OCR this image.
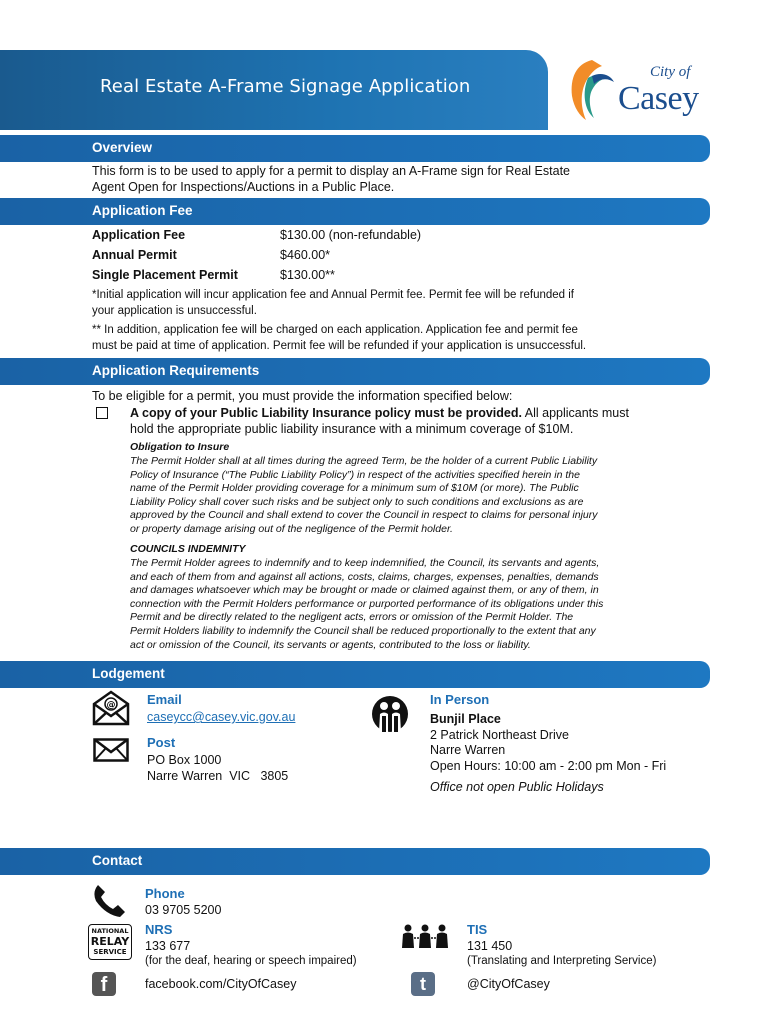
Real Estate A-Frame Signage Application
City of
Casey
Overview
This form is to be used to apply for a permit to display an A-Frame sign for Real Estate
Agent Open for Inspections/Auctions in a Public Place.
Application Fee
Application Fee	$130.00 (non-refundable)
Annual Permit	$460.00*
Single Placement Permit	$130.00**
*Initial application will incur application fee and Annual Permit fee. Permit fee will be refunded if
your application is unsuccessful.
** In addition, application fee will be charged on each application. Application fee and permit fee
must be paid at time of application. Permit fee will be refunded if your application is unsuccessful.
Application Requirements
To be eligible for a permit, you must provide the information specified below:
A copy of your Public Liability Insurance policy must be provided. All applicants must
hold the appropriate public liability insurance with a minimum coverage of $10M.
Obligation to Insure
The Permit Holder shall at all times during the agreed Term, be the holder of a current Public Liability
Policy of Insurance (“The Public Liability Policy”) in respect of the activities specified herein in the
name of the Permit Holder providing coverage for a minimum sum of $10M (or more). The Public
Liability Policy shall cover such risks and be subject only to such conditions and exclusions as are
approved by the Council and shall extend to cover the Council in respect to claims for personal injury
or property damage arising out of the negligence of the Permit holder.
COUNCILS INDEMNITY
The Permit Holder agrees to indemnify and to keep indemnified, the Council, its servants and agents,
and each of them from and against all actions, costs, claims, charges, expenses, penalties, demands
and damages whatsoever which may be brought or made or claimed against them, or any of them, in
connection with the Permit Holders performance or purported performance of its obligations under this
Permit and be directly related to the negligent acts, errors or omission of the Permit Holder. The
Permit Holders liability to indemnify the Council shall be reduced proportionally to the extent that any
act or omission of the Council, its servants or agents, contributed to the loss or liability.
Lodgement
@ Email
caseycc@casey.vic.gov.au
Post
PO Box 1000
Narre Warren  VIC   3805
In Person
Bunjil Place
2 Patrick Northeast Drive
Narre Warren
Open Hours: 10:00 am - 2:00 pm Mon - Fri
Office not open Public Holidays
Contact
Phone
03 9705 5200
NATIONAL
RELAY
SERVICE
NRS
133 677
(for the deaf, hearing or speech impaired)
TIS
131 450
(Translating and Interpreting Service)
f	facebook.com/CityOfCasey	t	@CityOfCasey
